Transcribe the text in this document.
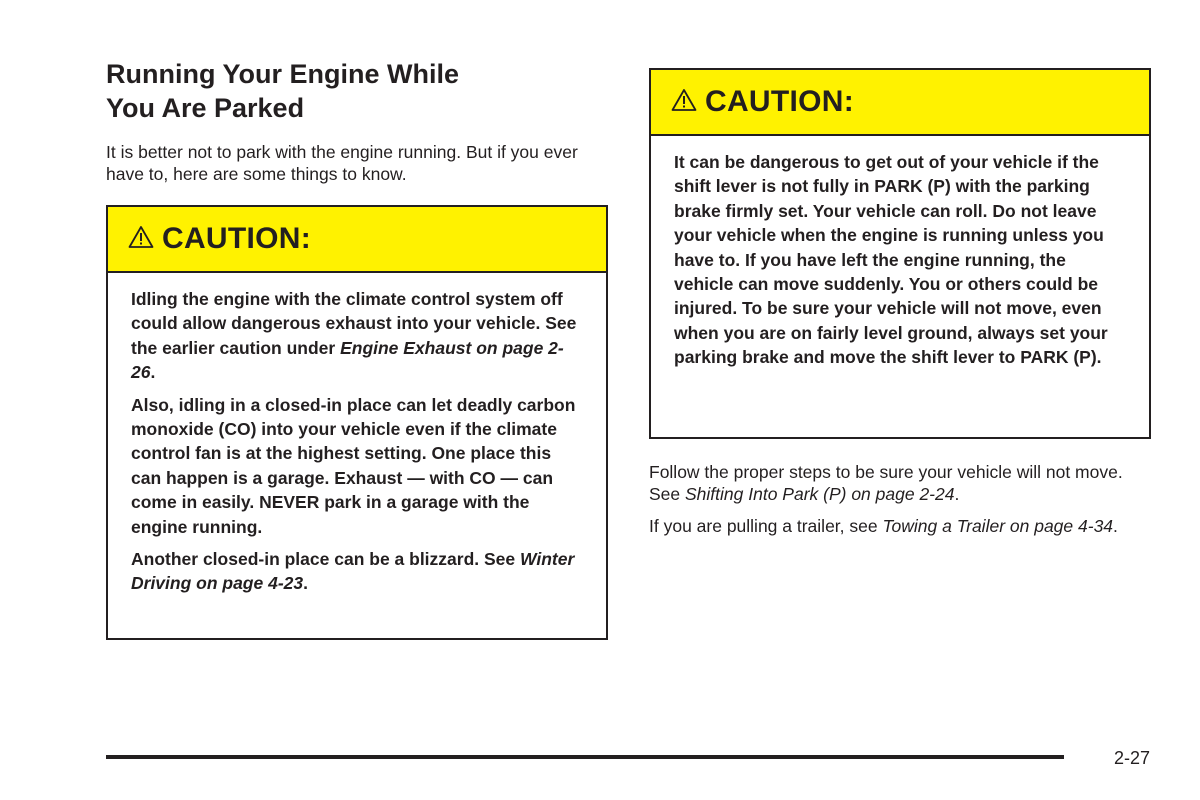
Running Your Engine While
You Are Parked

It is better not to park with the engine running. But if you ever have to, here are some things to know.

CAUTION:

Idling the engine with the climate control system off could allow dangerous exhaust into your vehicle. See the earlier caution under Engine Exhaust on page 2-26.

Also, idling in a closed-in place can let deadly carbon monoxide (CO) into your vehicle even if the climate control fan is at the highest setting. One place this can happen is a garage. Exhaust — with CO — can come in easily. NEVER park in a garage with the engine running.

Another closed-in place can be a blizzard. See Winter Driving on page 4-23.

CAUTION:

It can be dangerous to get out of your vehicle if the shift lever is not fully in PARK (P) with the parking brake firmly set. Your vehicle can roll. Do not leave your vehicle when the engine is running unless you have to. If you have left the engine running, the vehicle can move suddenly. You or others could be injured. To be sure your vehicle will not move, even when you are on fairly level ground, always set your parking brake and move the shift lever to PARK (P).

Follow the proper steps to be sure your vehicle will not move. See Shifting Into Park (P) on page 2-24.

If you are pulling a trailer, see Towing a Trailer on page 4-34.

2-27
